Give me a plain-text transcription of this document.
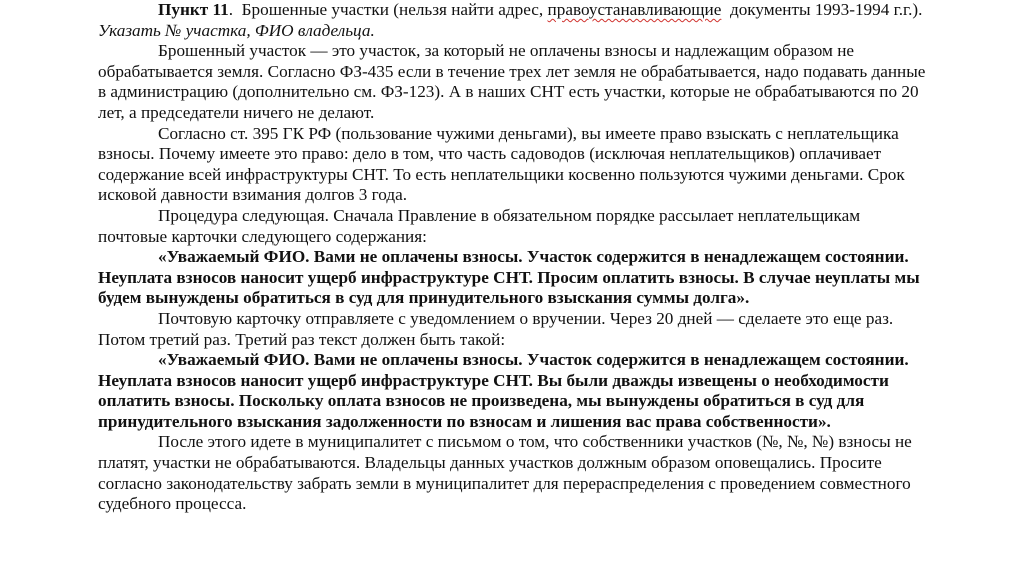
Пункт 11.  Брошенные участки (нельзя найти адрес, правоустанавливающие  документы 1993-1994 г.г.). Указать № участка, ФИО владельца.

Брошенный участок — это участок, за который не оплачены взносы и надлежащим образом не обрабатывается земля. Согласно ФЗ-435 если в течение трех лет земля не обрабатывается, надо подавать данные в администрацию (дополнительно см. ФЗ-123). А в наших СНТ есть участки, которые не обрабатываются по 20 лет, а председатели ничего не делают.

Согласно ст. 395 ГК РФ (пользование чужими деньгами), вы имеете право взыскать с неплательщика взносы. Почему имеете это право: дело в том, что часть садоводов (исключая неплательщиков) оплачивает содержание всей инфраструктуры СНТ. То есть неплательщики косвенно пользуются чужими деньгами. Срок исковой давности взимания долгов 3 года.

Процедура следующая. Сначала Правление в обязательном порядке рассылает неплательщикам почтовые карточки следующего содержания:

«Уважаемый ФИО. Вами не оплачены взносы. Участок содержится в ненадлежащем состоянии. Неуплата взносов наносит ущерб инфраструктуре СНТ. Просим оплатить взносы. В случае неуплаты мы будем вынуждены обратиться в суд для принудительного взыскания суммы долга».

Почтовую карточку отправляете с уведомлением о вручении. Через 20 дней — сделаете это еще раз. Потом третий раз. Третий раз текст должен быть такой:

«Уважаемый ФИО. Вами не оплачены взносы. Участок содержится в ненадлежащем состоянии. Неуплата взносов наносит ущерб инфраструктуре СНТ. Вы были дважды извещены о необходимости оплатить взносы. Поскольку оплата взносов не произведена, мы вынуждены обратиться в суд для принудительного взыскания задолженности по взносам и лишения вас права собственности».

После этого идете в муниципалитет с письмом о том, что собственники участков (№, №, №) взносы не платят, участки не обрабатываются. Владельцы данных участков должным образом оповещались. Просите согласно законодательству забрать земли в муниципалитет для перераспределения с проведением совместного судебного процесса.
